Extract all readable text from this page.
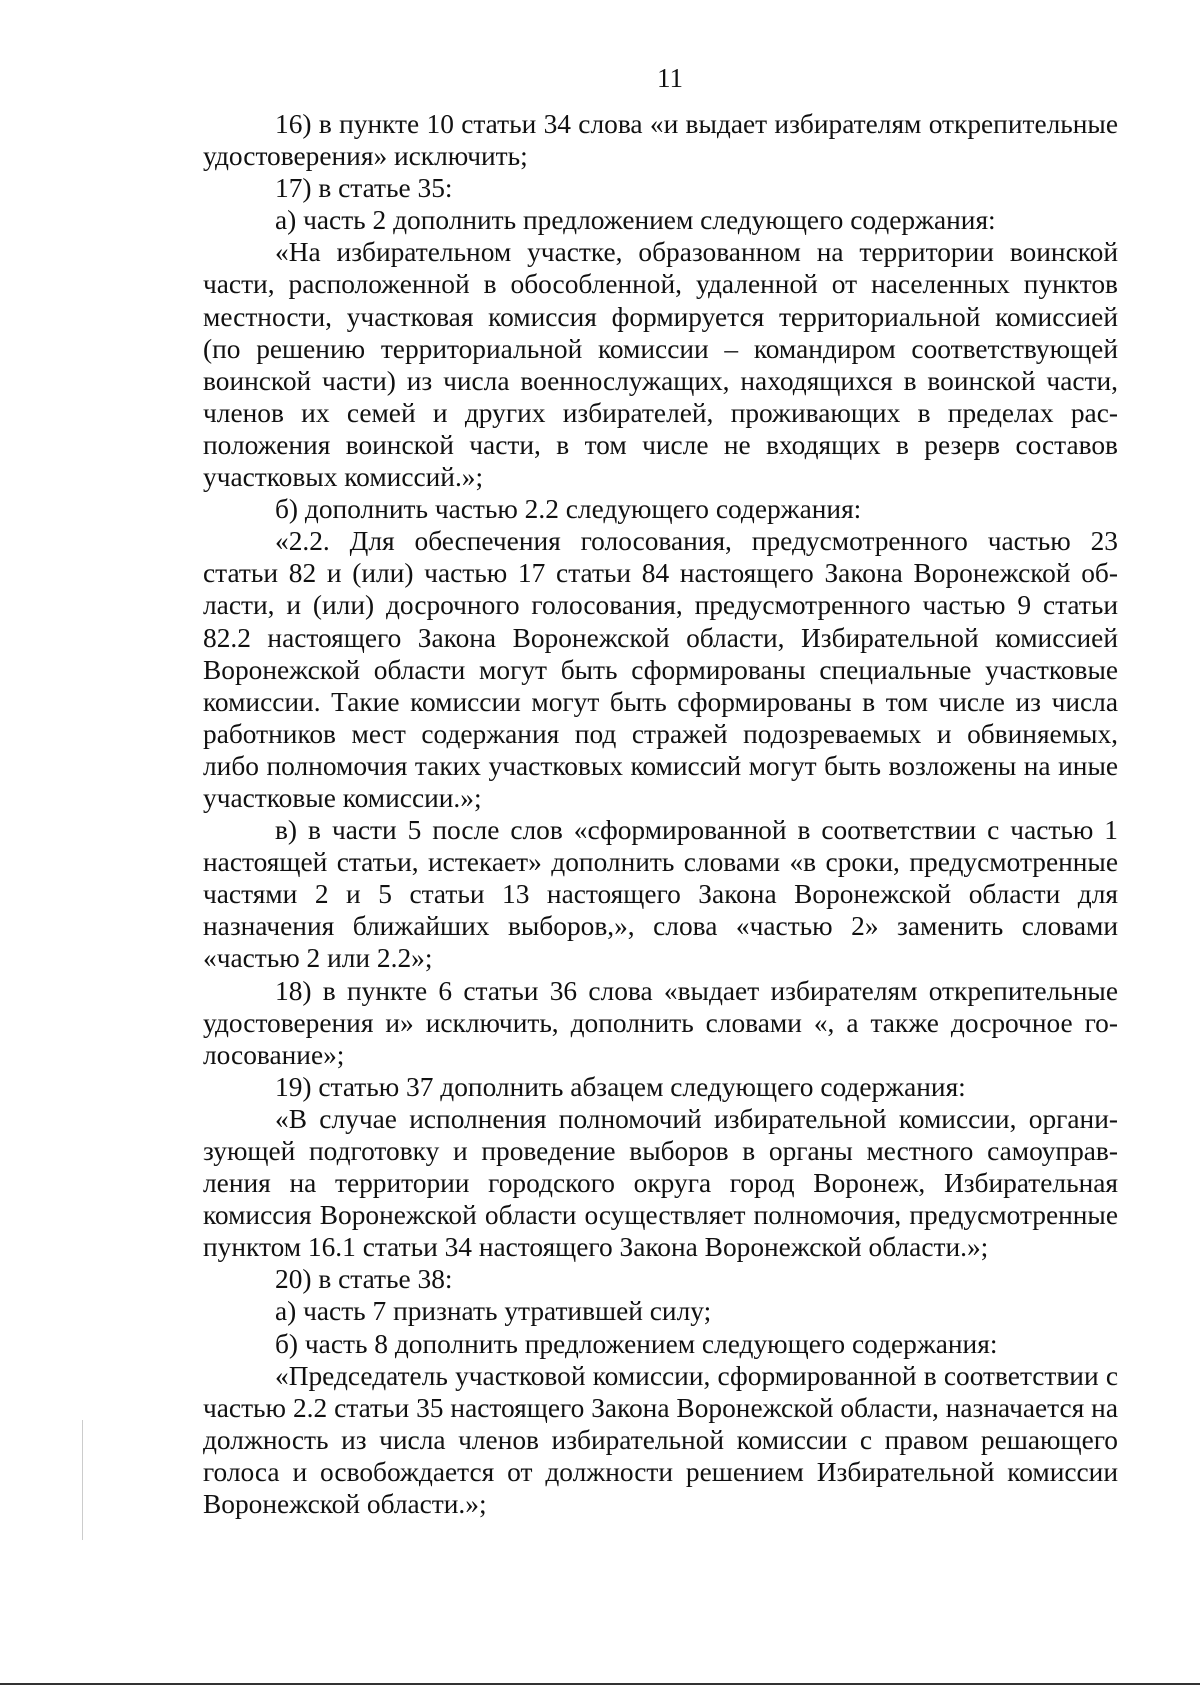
11

16) в пункте 10 статьи 34 слова «и выдает избирателям открепительные удостоверения» исключить;

17) в статье 35:

а) часть 2 дополнить предложением следующего содержания:

«На избирательном участке, образованном на территории воинской части, расположенной в обособленной, удаленной от населенных пунктов местности, участковая комиссия формируется территориальной комиссией (по решению территориальной комиссии – командиром соответствующей воинской части) из числа военнослужащих, находящихся в воинской части, членов их семей и других избирателей, проживающих в пределах расположения воинской части, в том числе не входящих в резерв составов участковых комиссий.»;

б) дополнить частью 2.2 следующего содержания:

«2.2. Для обеспечения голосования, предусмотренного частью 23 статьи 82 и (или) частью 17 статьи 84 настоящего Закона Воронежской области, и (или) досрочного голосования, предусмотренного частью 9 статьи 82.2 настоящего Закона Воронежской области, Избирательной комиссией Воронежской области могут быть сформированы специальные участковые комиссии. Такие комиссии могут быть сформированы в том числе из числа работников мест содержания под стражей подозреваемых и обвиняемых, либо полномочия таких участковых комиссий могут быть возложены на иные участковые комиссии.»;

в) в части 5 после слов «сформированной в соответствии с частью 1 настоящей статьи, истекает» дополнить словами «в сроки, предусмотренные частями 2 и 5 статьи 13 настоящего Закона Воронежской области для назначения ближайших выборов,», слова «частью 2» заменить словами «частью 2 или 2.2»;

18) в пункте 6 статьи 36 слова «выдает избирателям открепительные удостоверения и» исключить, дополнить словами «, а также досрочное голосование»;

19) статью 37 дополнить абзацем следующего содержания:

«В случае исполнения полномочий избирательной комиссии, организующей подготовку и проведение выборов в органы местного самоуправления на территории городского округа город Воронеж, Избирательная комиссия Воронежской области осуществляет полномочия, предусмотренные пунктом 16.1 статьи 34 настоящего Закона Воронежской области.»;

20) в статье 38:

а) часть 7 признать утратившей силу;

б) часть 8 дополнить предложением следующего содержания:

«Председатель участковой комиссии, сформированной в соответствии с частью 2.2 статьи 35 настоящего Закона Воронежской области, назначается на должность из числа членов избирательной комиссии с правом решающего голоса и освобождается от должности решением Избирательной комиссии Воронежской области.»;
